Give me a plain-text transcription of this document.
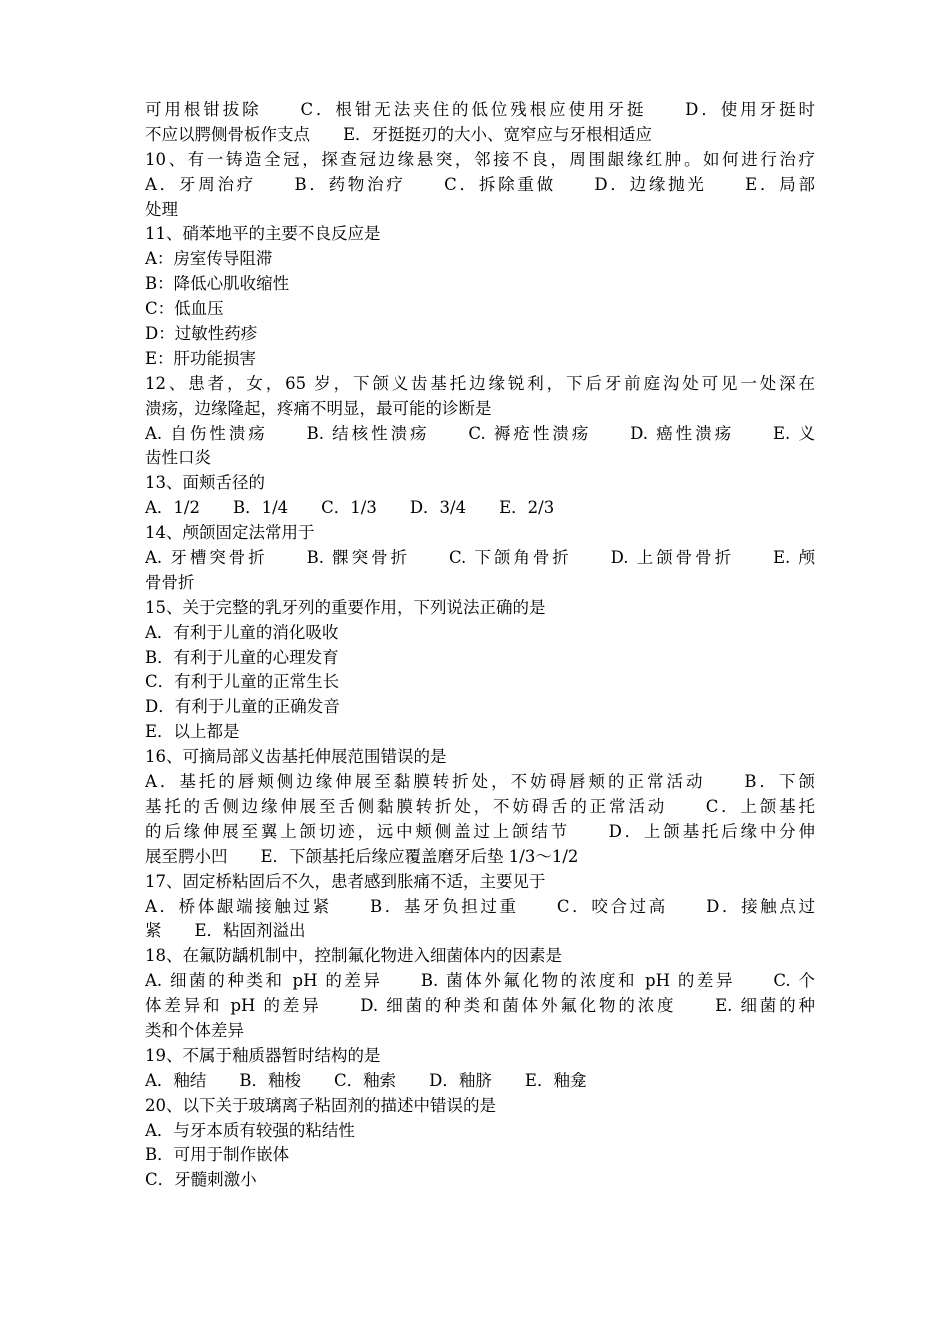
可用根钳拔除　　C．根钳无法夹住的低位残根应使用牙挺　　D．使用牙挺时
不应以腭侧骨板作支点　　E．牙挺挺刃的大小、宽窄应与牙根相适应
10、有一铸造全冠，探查冠边缘悬突，邻接不良，周围龈缘红肿。如何进行治疗
A．牙周治疗　　B．药物治疗　　C．拆除重做　　D．边缘抛光　　E．局部
处理
11、硝苯地平的主要不良反应是
A：房室传导阻滞
B：降低心肌收缩性
C：低血压
D：过敏性药疹
E：肝功能损害
12、患者，女，65 岁，下颌义齿基托边缘锐利，下后牙前庭沟处可见一处深在
溃疡，边缘隆起，疼痛不明显，最可能的诊断是
A. 自伤性溃疡　　B. 结核性溃疡　　C. 褥疮性溃疡　　D. 癌性溃疡　　E. 义
齿性口炎
13、面颊舌径的
A．1/2　　B．1/4　　C．1/3　　D．3/4　　E．2/3
14、颅颌固定法常用于
A. 牙槽突骨折　　B. 髁突骨折　　C. 下颌角骨折　　D. 上颌骨骨折　　E. 颅
骨骨折
15、关于完整的乳牙列的重要作用，下列说法正确的是
A．有利于儿童的消化吸收
B．有利于儿童的心理发育
C．有利于儿童的正常生长
D．有利于儿童的正确发音
E．以上都是
16、可摘局部义齿基托伸展范围错误的是
A．基托的唇颊侧边缘伸展至黏膜转折处，不妨碍唇颊的正常活动　　B．下颌
基托的舌侧边缘伸展至舌侧黏膜转折处，不妨碍舌的正常活动　　C．上颌基托
的后缘伸展至翼上颌切迹，远中颊侧盖过上颌结节　　D．上颌基托后缘中分伸
展至腭小凹　　E．下颌基托后缘应覆盖磨牙后垫 1/3～1/2
17、固定桥粘固后不久，患者感到胀痛不适，主要见于
A．桥体龈端接触过紧　　B．基牙负担过重　　C．咬合过高　　D．接触点过
紧　　E．粘固剂溢出
18、在氟防龋机制中，控制氟化物进入细菌体内的因素是
A. 细菌的种类和 pH 的差异　　B. 菌体外氟化物的浓度和 pH 的差异　　C. 个
体差异和 pH 的差异　　D. 细菌的种类和菌体外氟化物的浓度　　E. 细菌的种
类和个体差异
19、不属于釉质器暂时结构的是
A．釉结　　B．釉梭　　C．釉索　　D．釉脐　　E．釉龛
20、以下关于玻璃离子粘固剂的描述中错误的是
A．与牙本质有较强的粘结性
B．可用于制作嵌体
C．牙髓刺激小
